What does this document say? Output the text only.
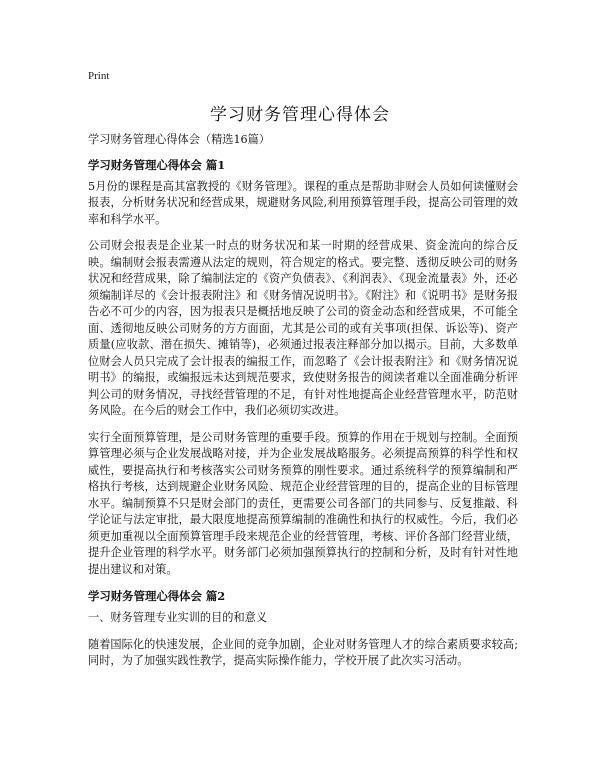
Print
学习财务管理心得体会
学习财务管理心得体会（精选16篇）
学习财务管理心得体会 篇1

5月份的课程是高其富教授的《财务管理》。课程的重点是帮助非财会人员如何读懂财会报表，分析财务状况和经营成果，规避财务风险,利用预算管理手段，提高公司管理的效率和科学水平。

公司财会报表是企业某一时点的财务状况和某一时期的经营成果、资金流向的综合反映。编制财会报表需遵从法定的规则，符合规定的格式。要完整、透彻反映公司的财务状况和经营成果，除了编制法定的《资产负债表》、《利润表》、《现金流量表》外，还必须编制详尽的《会计报表附注》和《财务情况说明书》。《附注》和《说明书》是财务报告必不可少的内容，因为报表只是概括地反映了公司的资金动态和经营成果，不可能全面、透彻地反映公司财务的方方面面，尤其是公司的或有关事项(担保、诉讼等)、资产质量(应收款、潜在损失、摊销等)，必须通过报表注释部分加以揭示。目前，大多数单位财会人员只完成了会计报表的编报工作，而忽略了《会计报表附注》和《财务情况说明书》的编报，或编报远未达到规范要求，致使财务报告的阅读者难以全面准确分析评判公司的财务情况，寻找经营管理的不足，有针对性地提高企业经营管理水平，防范财务风险。在今后的财会工作中，我们必须切实改进。

实行全面预算管理，是公司财务管理的重要手段。预算的作用在于规划与控制。全面预算管理必须与企业发展战略对接，并为企业发展战略服务。必须提高预算的科学性和权威性，要提高执行和考核落实公司财务预算的刚性要求。通过系统科学的预算编制和严格执行考核，达到规避企业财务风险、规范企业经营管理的目的，提高企业的目标管理水平。编制预算不只是财会部门的责任，更需要公司各部门的共同参与、反复推敲、科学论证与法定审批，最大限度地提高预算编制的准确性和执行的权威性。今后，我们必须更加重视以全面预算管理手段来规范企业的经营管理，考核、评价各部门经营业绩，提升企业管理的科学水平。财务部门必须加强预算执行的控制和分析，及时有针对性地提出建议和对策。

学习财务管理心得体会 篇2

一、财务管理专业实训的目的和意义

随着国际化的快速发展，企业间的竞争加剧，企业对财务管理人才的综合素质要求较高;同时，为了加强实践性教学，提高实际操作能力，学校开展了此次实习活动。
